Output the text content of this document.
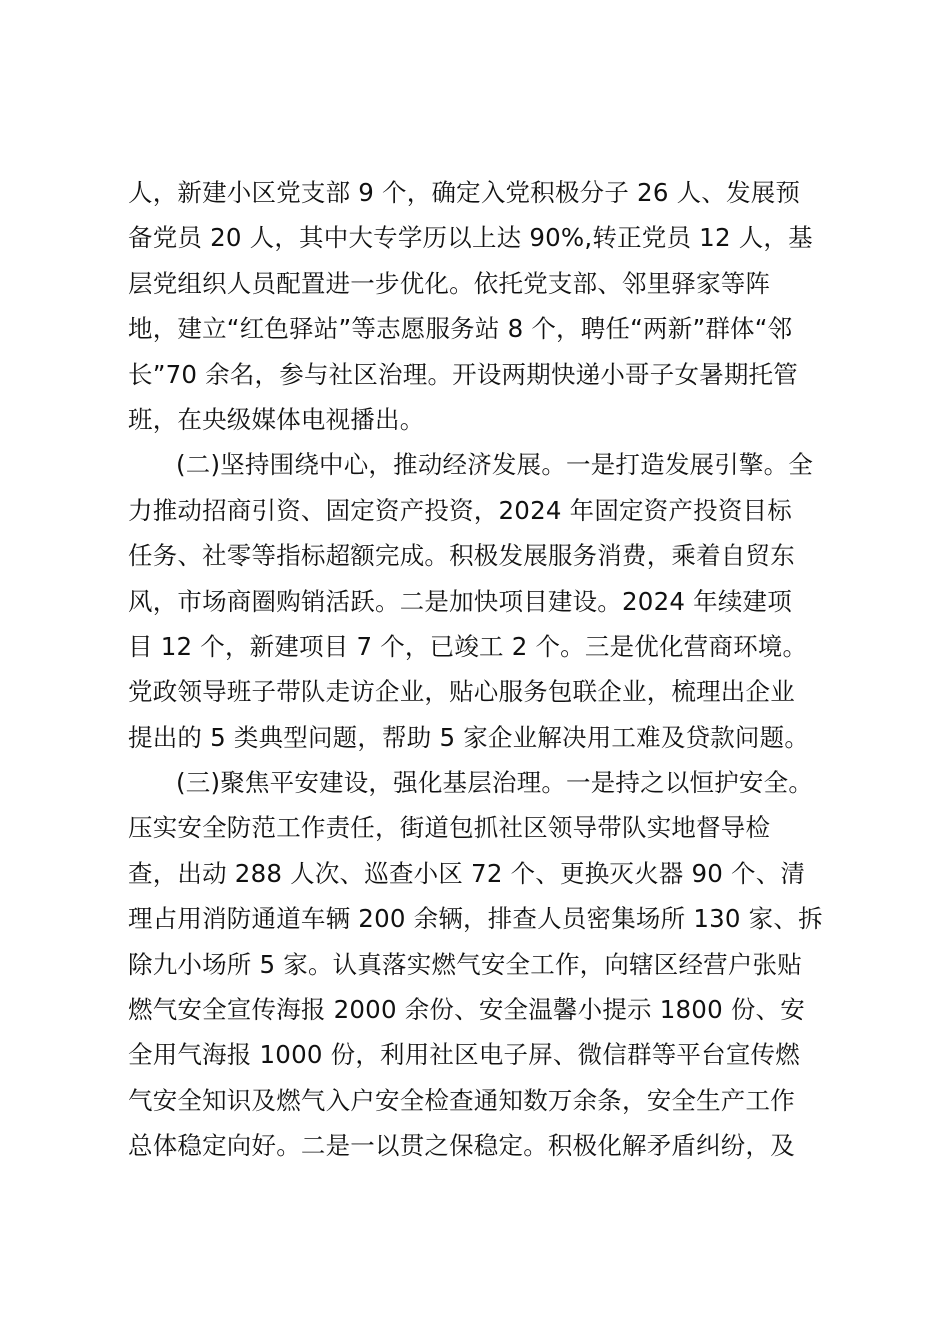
人，新建小区党支部 9 个，确定入党积极分子 26 人、发展预
备党员 20 人，其中大专学历以上达 90%,转正党员 12 人，基
层党组织人员配置进一步优化。依托党支部、邻里驿家等阵
地，建立“红色驿站”等志愿服务站 8 个，聘任“两新”群体“邻
长”70 余名，参与社区治理。开设两期快递小哥子女暑期托管
班，在央级媒体电视播出。
(二)坚持围绕中心，推动经济发展。一是打造发展引擎。全
力推动招商引资、固定资产投资，2024 年固定资产投资目标
任务、社零等指标超额完成。积极发展服务消费，乘着自贸东
风，市场商圈购销活跃。二是加快项目建设。2024 年续建项
目 12 个，新建项目 7 个，已竣工 2 个。三是优化营商环境。
党政领导班子带队走访企业，贴心服务包联企业，梳理出企业
提出的 5 类典型问题，帮助 5 家企业解决用工难及贷款问题。
(三)聚焦平安建设，强化基层治理。一是持之以恒护安全。
压实安全防范工作责任，街道包抓社区领导带队实地督导检
查，出动 288 人次、巡查小区 72 个、更换灭火器 90 个、清
理占用消防通道车辆 200 余辆，排查人员密集场所 130 家、拆
除九小场所 5 家。认真落实燃气安全工作，向辖区经营户张贴
燃气安全宣传海报 2000 余份、安全温馨小提示 1800 份、安
全用气海报 1000 份，利用社区电子屏、微信群等平台宣传燃
气安全知识及燃气入户安全检查通知数万余条，安全生产工作
总体稳定向好。二是一以贯之保稳定。积极化解矛盾纠纷，及
